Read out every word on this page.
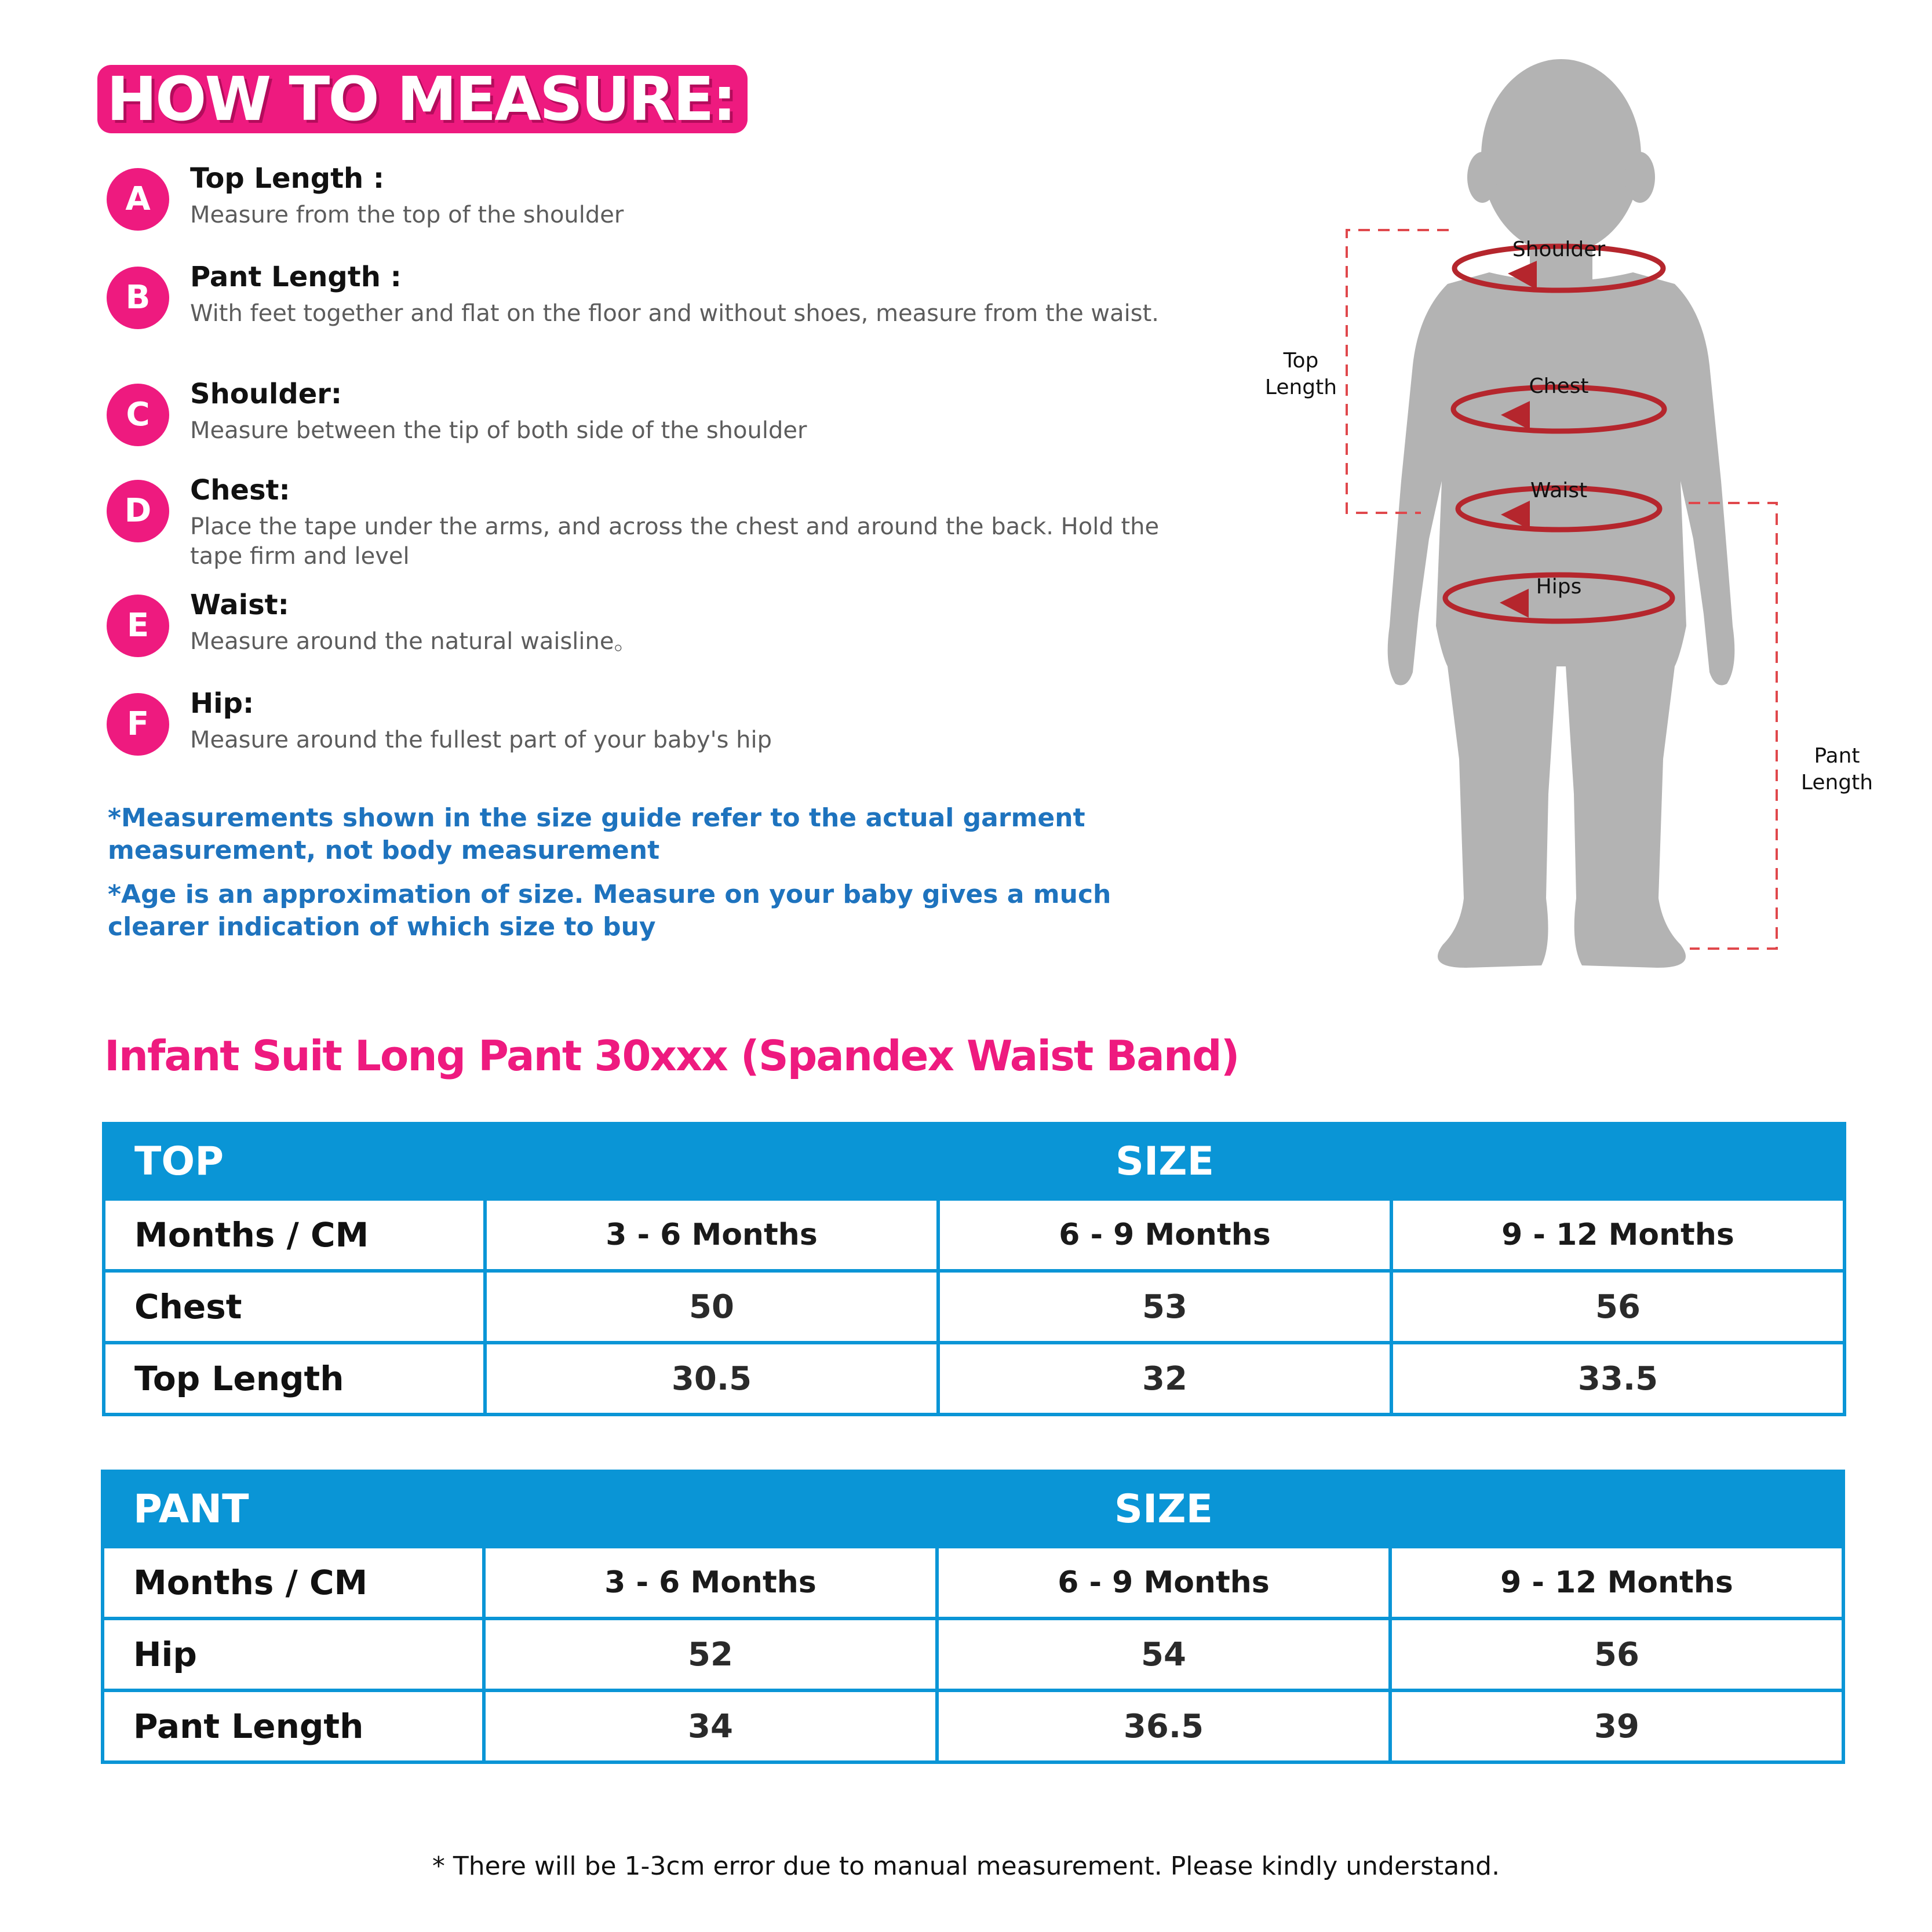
HOW TO MEASURE:
A
Top Length :
Measure from the top of the shoulder
B
Pant Length :
With feet together and flat on the floor and without shoes, measure from the waist.
C
Shoulder:
Measure between the tip of both side of the shoulder
D
Chest:
Place the tape under the arms, and across the chest and around the back. Hold the tape firm and level
E
Waist:
Measure around the natural waisline。
F
Hip:
Measure around the fullest part of your baby's hip
*Measurements shown in the size guide refer to the actual garment measurement, not body measurement
*Age is an approximation of size. Measure on your baby gives a much clearer indication of which size to buy
Shoulder
Chest
Waist
Hips
Top
Length
Pant
Length
Infant Suit Long Pant 30xxx (Spandex Waist Band)
TOP	SIZE		
Months / CM	3 - 6 Months	6 - 9 Months	9 - 12 Months
Chest	50	53	56
Top Length	30.5	32	33.5
PANT	SIZE		
Months / CM	3 - 6 Months	6 - 9 Months	9 - 12 Months
Hip	52	54	56
Pant Length	34	36.5	39
* There will be 1-3cm error due to manual measurement. Please kindly understand.
